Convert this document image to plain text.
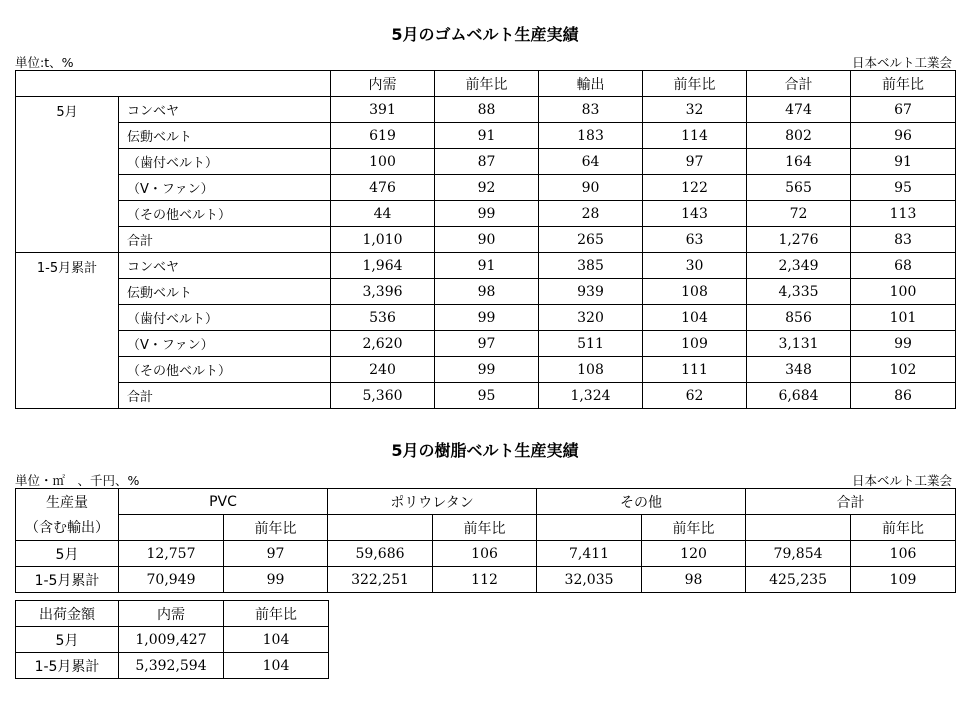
5月のゴムベルト生産実績
単位:t、%	日本ベルト工業会
		内需	前年比	輸出	前年比	合計	前年比
5月	コンベヤ	391	88	83	32	474	67
	伝動ベルト	619	91	183	114	802	96
	（歯付ベルト）	100	87	64	97	164	91
	（V・ファン）	476	92	90	122	565	95
	（その他ベルト）	44	99	28	143	72	113
	合計	1,010	90	265	63	1,276	83
1-5月累計	コンベヤ	1,964	91	385	30	2,349	68
	伝動ベルト	3,396	98	939	108	4,335	100
	（歯付ベルト）	536	99	320	104	856	101
	（V・ファン）	2,620	97	511	109	3,131	99
	（その他ベルト）	240	99	108	111	348	102
	合計	5,360	95	1,324	62	6,684	86
5月の樹脂ベルト生産実績
単位・㎡　、千円、%	日本ベルト工業会
生産量	PVC		ポリウレタン		その他		合計	
（含む輸出）		前年比		前年比		前年比		前年比
5月	12,757	97	59,686	106	7,411	120	79,854	106
1-5月累計	70,949	99	322,251	112	32,035	98	425,235	109
出荷金額	内需	前年比
5月	1,009,427	104
1-5月累計	5,392,594	104
